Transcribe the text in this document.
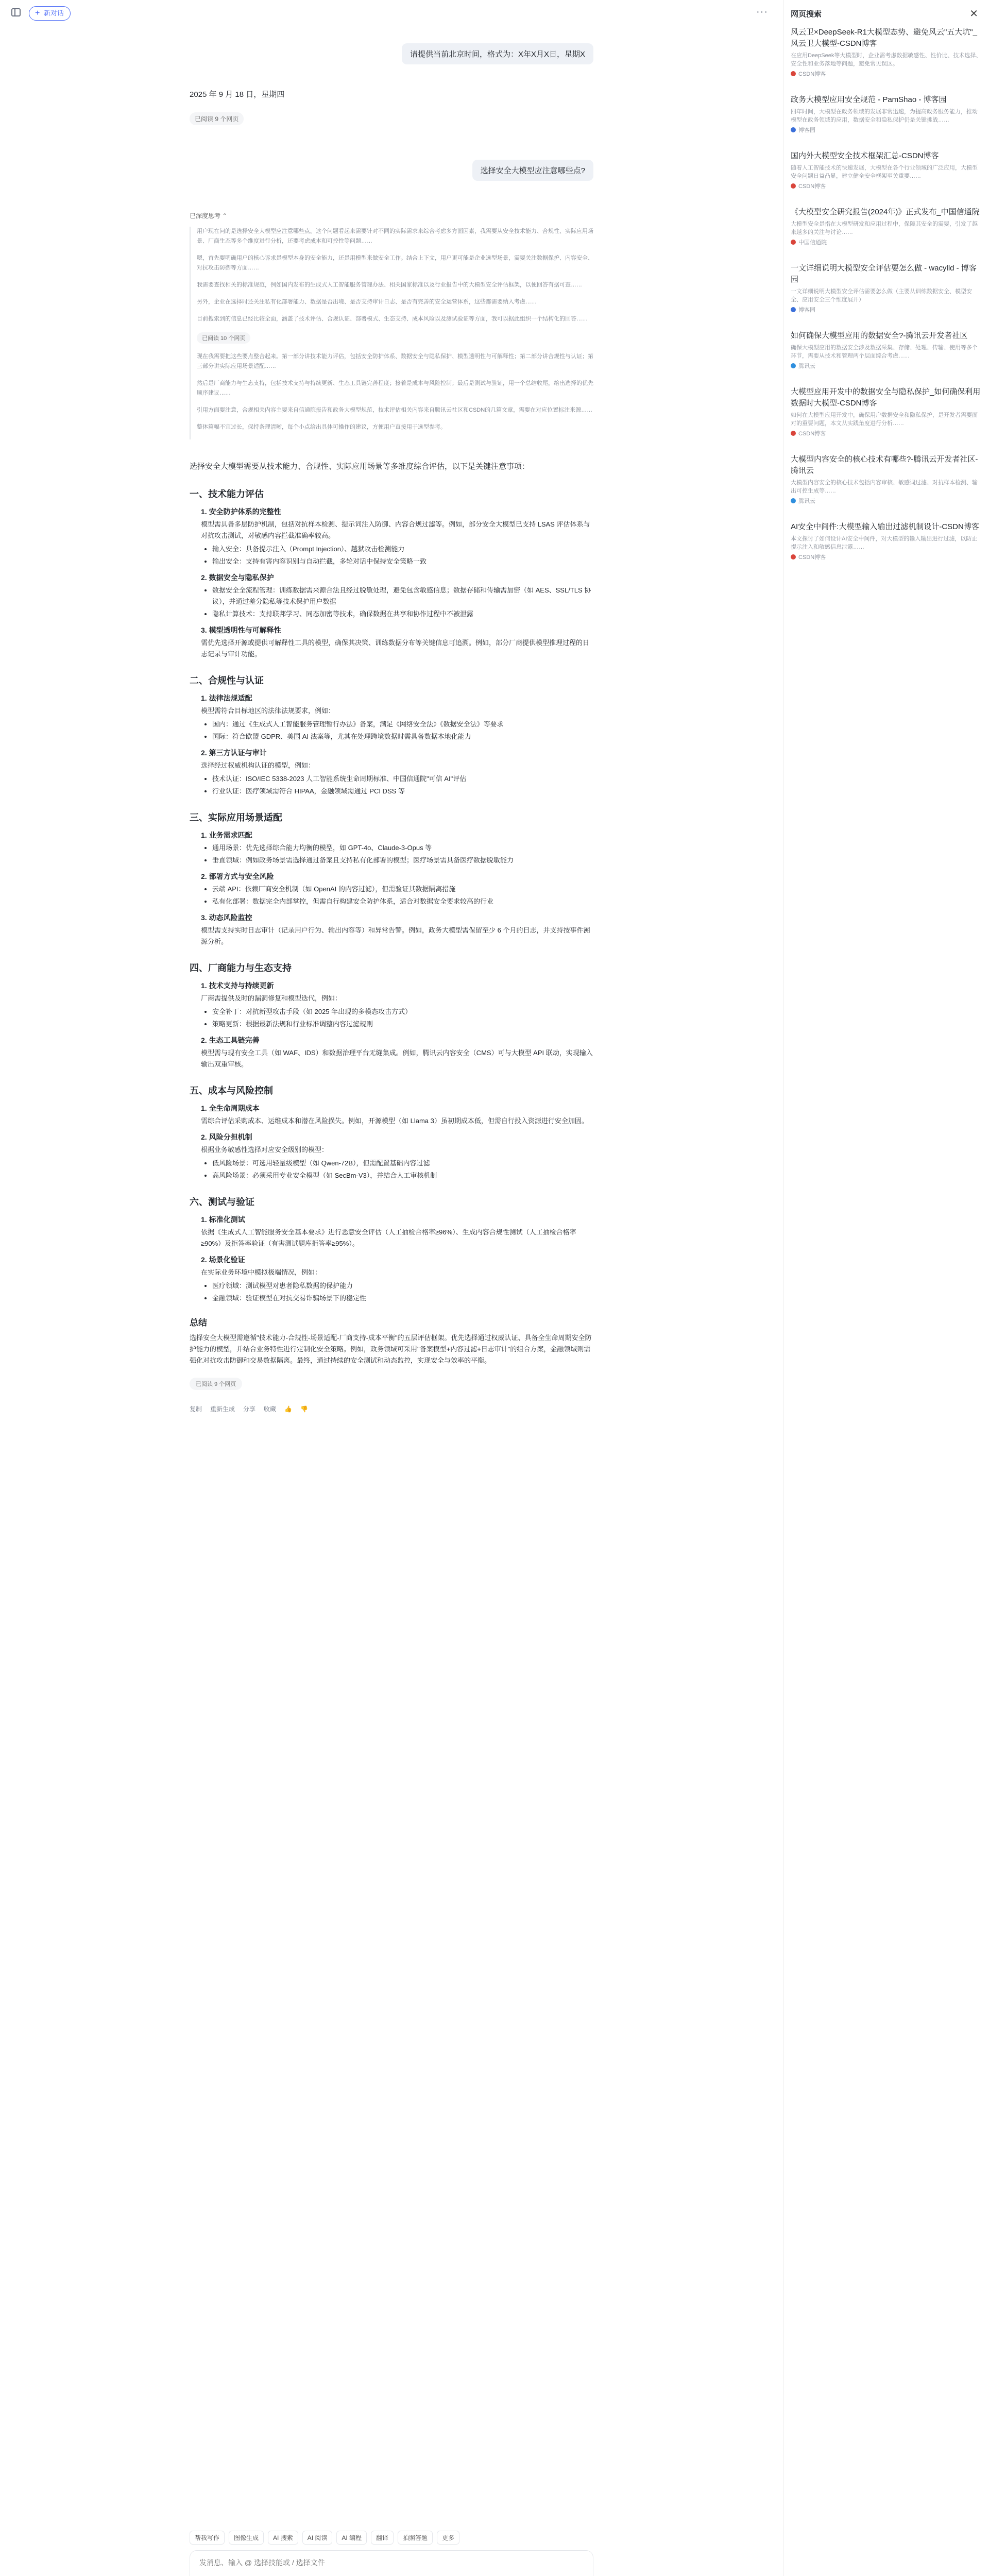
+ 新对话	···
请提供当前北京时间，格式为：X年X月X日，星期X
2025 年 9 月 18 日，星期四
已阅读 9 个网页
选择安全大模型应注意哪些点?
已深度思考 ⌃

用户现在问的是选择安全大模型应注意哪些点。这个问题看起来需要针对不同的实际需求来综合考虑多方面因素，我需要从安全技术能力、合规性、实际应用场景、厂商生态等多个维度进行分析，还要考虑成本和可控性等问题……

嗯，首先要明确用户的核心诉求是模型本身的安全能力，还是用模型来做安全工作。结合上下文，用户更可能是企业选型场景，需要关注数据保护、内容安全、对抗攻击防御等方面……

我需要查找相关的标准规范，例如国内发布的生成式人工智能服务管理办法、相关国家标准以及行业报告中的大模型安全评估框架，以便回答有据可查……

另外，企业在选择时还关注私有化部署能力、数据是否出境、是否支持审计日志、是否有完善的安全运营体系，这些都需要纳入考虑……

目前搜索到的信息已经比较全面，涵盖了技术评估、合规认证、部署模式、生态支持、成本风险以及测试验证等方面，我可以据此组织一个结构化的回答……

已阅读 10 个网页

现在我需要把这些要点整合起来。第一部分讲技术能力评估，包括安全防护体系、数据安全与隐私保护、模型透明性与可解释性；第二部分讲合规性与认证；第三部分讲实际应用场景适配……

然后是厂商能力与生态支持，包括技术支持与持续更新、生态工具链完善程度；接着是成本与风险控制；最后是测试与验证，用一个总结收尾，给出选择的优先顺序建议……

引用方面要注意，合规相关内容主要来自信通院报告和政务大模型规范，技术评估相关内容来自腾讯云社区和CSDN的几篇文章，需要在对应位置标注来源……

整体篇幅不宜过长，保持条理清晰，每个小点给出具体可操作的建议，方便用户直接用于选型参考。

选择安全大模型需要从技术能力、合规性、实际应用场景等多维度综合评估，以下是关键注意事项：

一、技术能力评估
1. 安全防护体系的完整性
模型需具备多层防护机制，包括对抗样本检测、提示词注入防御、内容合规过滤等。例如，部分安全大模型已支持 LSAS 评估体系与对抗攻击测试，对敏感内容拦截准确率较高。
• 输入安全：具备提示注入（Prompt Injection）、越狱攻击检测能力
• 输出安全：支持有害内容识别与自动拦截，多轮对话中保持安全策略一致
2. 数据安全与隐私保护
• 数据安全全流程管理：训练数据需来源合法且经过脱敏处理，避免包含敏感信息；数据存储和传输需加密（如 AES、SSL/TLS 协议），并通过差分隐私等技术保护用户数据
• 隐私计算技术：支持联邦学习、同态加密等技术，确保数据在共享和协作过程中不被泄露
3. 模型透明性与可解释性
需优先选择开源或提供可解释性工具的模型，确保其决策、训练数据分布等关键信息可追溯。例如，部分厂商提供模型推理过程的日志记录与审计功能。
二、合规性与认证
1. 法律法规适配
模型需符合目标地区的法律法规要求，例如：
• 国内：通过《生成式人工智能服务管理暂行办法》备案，满足《网络安全法》《数据安全法》等要求
• 国际：符合欧盟 GDPR、美国 AI 法案等，尤其在处理跨境数据时需具备数据本地化能力
2. 第三方认证与审计
选择经过权威机构认证的模型，例如：
• 技术认证：ISO/IEC 5338-2023 人工智能系统生命周期标准、中国信通院"可信 AI"评估
• 行业认证：医疗领域需符合 HIPAA，金融领域需通过 PCI DSS 等
三、实际应用场景适配
1. 业务需求匹配
• 通用场景：优先选择综合能力均衡的模型，如 GPT-4o、Claude-3-Opus 等
• 垂直领域：例如政务场景需选择通过备案且支持私有化部署的模型；医疗场景需具备医疗数据脱敏能力
2. 部署方式与安全风险
• 云端 API：依赖厂商安全机制（如 OpenAI 的内容过滤），但需验证其数据隔离措施
• 私有化部署：数据完全内部掌控，但需自行构建安全防护体系，适合对数据安全要求较高的行业
3. 动态风险监控
模型需支持实时日志审计（记录用户行为、输出内容等）和异常告警。例如，政务大模型需保留至少 6 个月的日志，并支持按事件溯源分析。
四、厂商能力与生态支持
1. 技术支持与持续更新
厂商需提供及时的漏洞修复和模型迭代，例如：
• 安全补丁：对抗新型攻击手段（如 2025 年出现的多模态攻击方式）
• 策略更新：根据最新法规和行业标准调整内容过滤规则
2. 生态工具链完善
模型需与现有安全工具（如 WAF、IDS）和数据治理平台无缝集成。例如，腾讯云内容安全（CMS）可与大模型 API 联动，实现输入输出双重审核。
五、成本与风险控制
1. 全生命周期成本
需综合评估采购成本、运维成本和潜在风险损失。例如，开源模型（如 Llama 3）虽初期成本低，但需自行投入资源进行安全加固。
2. 风险分担机制
根据业务敏感性选择对应安全级别的模型：
• 低风险场景：可选用轻量级模型（如 Qwen-72B），但需配置基础内容过滤
• 高风险场景：必须采用专业安全模型（如 SecBm-V3），并结合人工审核机制
六、测试与验证
1. 标准化测试
依据《生成式人工智能服务安全基本要求》进行恶意安全评估（人工抽检合格率≥96%）、生成内容合规性测试（人工抽检合格率≥90%）及拒答率验证（有害测试题库拒答率≥95%）。
2. 场景化验证
在实际业务环境中模拟极端情况，例如：
• 医疗领域：测试模型对患者隐私数据的保护能力
• 金融领域：验证模型在对抗交易诈骗场景下的稳定性
总结

选择安全大模型需遵循"技术能力-合规性-场景适配-厂商支持-成本平衡"的五层评估框架。优先选择通过权威认证、具备全生命周期安全防护能力的模型，并结合业务特性进行定制化安全策略。例如，政务领域可采用"备案模型+内容过滤+日志审计"的组合方案，金融领域则需强化对抗攻击防御和交易数据隔离。最终，通过持续的安全测试和动态监控，实现安全与效率的平衡。

已阅读 9 个网页
复制 重新生成 分享 收藏 👍 👎
帮我写作	图像生成	AI 搜索	AI 阅读	AI 编程	翻译	拍照答题	更多
发消息、输入 @ 选择技能或 / 选择文件
网页搜索	✕
风云卫×DeepSeek-R1大模型态势、避免风云"五大坑"_风云卫大模型-CSDN博客
在应用DeepSeek等大模型时，企业需考虑数据敏感性、性价比、技术选择、安全性和业务落地等问题，避免常见误区。
CSDN博客
政务大模型应用安全规范 - PamShao - 博客园
四年时间，大模型在政务领域的发展非常迅速，为提高政务服务能力，推动模型在政务领域的应用，数据安全和隐私保护仍是关键挑战……
博客园
国内外大模型安全技术框架汇总-CSDN博客
随着人工智能技术的快速发展，大模型在各个行业领域的广泛应用，大模型安全问题日益凸显，建立健全安全框架至关重要……
CSDN博客
《大模型安全研究报告(2024年)》正式发布_中国信通院
大模型安全是指在大模型研发和应用过程中，保障其安全的需要，引发了越来越多的关注与讨论……
中国信通院
一文详细说明大模型安全评估要怎么做 - wacylld - 博客园
一文详细说明大模型安全评估需要怎么做（主要从训练数据安全、模型安全、应用安全三个维度展开）
博客园
如何确保大模型应用的数据安全?-腾讯云开发者社区
确保大模型应用的数据安全涉及数据采集、存储、处理、传输、使用等多个环节，需要从技术和管理两个层面综合考虑……
腾讯云
大模型应用开发中的数据安全与隐私保护_如何确保利用数据时大模型-CSDN博客
如何在大模型应用开发中，确保用户数据安全和隐私保护，是开发者需要面对的重要问题，本文从实践角度进行分析……
CSDN博客
大模型内容安全的核心技术有哪些?-腾讯云开发者社区-腾讯云
大模型内容安全的核心技术包括内容审核、敏感词过滤、对抗样本检测、输出可控生成等……
腾讯云
AI安全中间件:大模型输入输出过滤机制设计-CSDN博客
本文探讨了如何设计AI安全中间件，对大模型的输入输出进行过滤，以防止提示注入和敏感信息泄露……
CSDN博客
